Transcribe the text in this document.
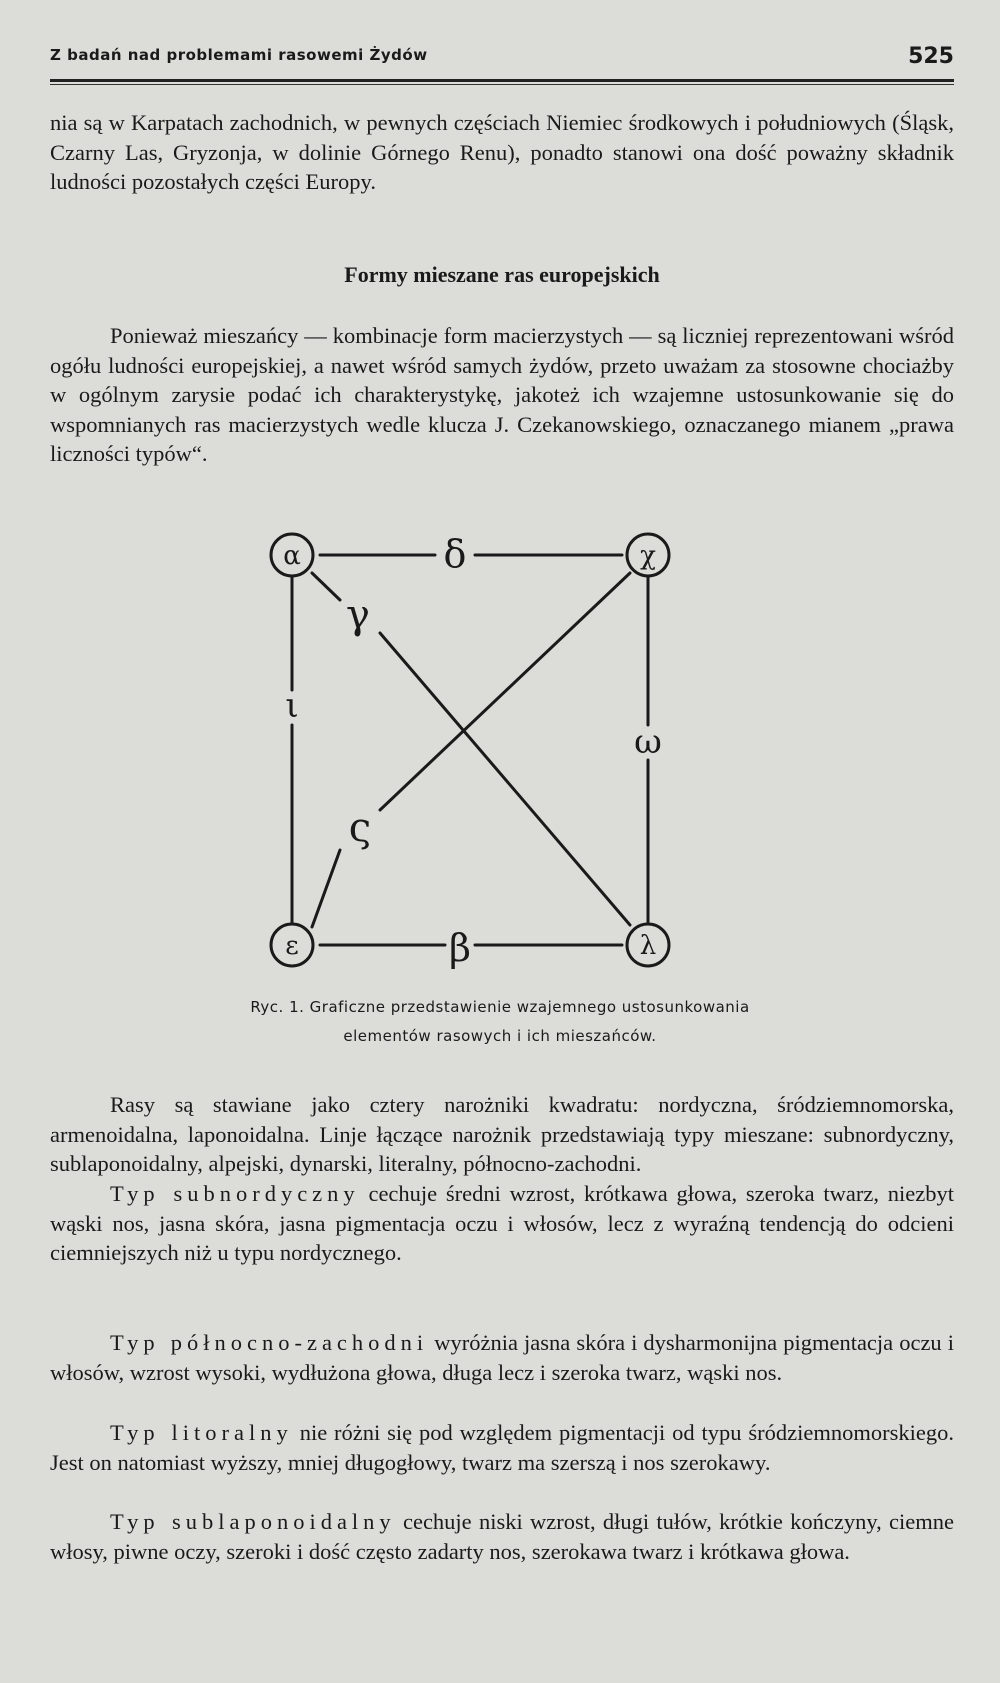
Z badań nad problemami rasowemi Żydów	525

nia są w Karpatach zachodnich, w pewnych częściach Niemiec środkowych i południowych (Śląsk, Czarny Las, Gryzonja, w dolinie Górnego Renu), ponadto stanowi ona dość poważny składnik ludności pozostałych części Europy.

Formy mieszane ras europejskich

Ponieważ mieszańcy — kombinacje form macierzystych — są liczniej reprezentowani wśród ogółu ludności europejskiej, a nawet wśród samych żydów, przeto uważam za stosowne chociażby w ogólnym zarysie podać ich charakterystykę, jakoteż ich wzajemne ustosunkowanie się do wspomnianych ras macierzystych wedle klucza J. Czekanowskiego, oznaczanego mianem „prawa liczności typów“.

α	χ
ε	λ
δ
β
ι
ω
γ
ς
Ryc. 1. Graficzne przedstawienie wzajemnego ustosunkowania
elementów rasowych i ich mieszańców.

Rasy są stawiane jako cztery narożniki kwadratu: nordyczna, śródziemnomorska, armenoidalna, laponoidalna. Linje łączące narożnik przedstawiają typy mieszane: subnordyczny, sublaponoidalny, alpejski, dynarski, literalny, północno-zachodni.

Typ subnordyczny cechuje średni wzrost, krótkawa głowa, szeroka twarz, niezbyt wąski nos, jasna skóra, jasna pigmentacja oczu i włosów, lecz z wyraźną tendencją do odcieni ciemniejszych niż u typu nordycznego.

Typ północno-zachodni wyróżnia jasna skóra i dysharmonijna pigmentacja oczu i włosów, wzrost wysoki, wydłużona głowa, długa lecz i szeroka twarz, wąski nos.

Typ litoralny nie różni się pod względem pigmentacji od typu śródziemnomorskiego. Jest on natomiast wyższy, mniej długogłowy, twarz ma szerszą i nos szerokawy.

Typ sublaponoidalny cechuje niski wzrost, długi tułów, krótkie kończyny, ciemne włosy, piwne oczy, szeroki i dość często zadarty nos, szerokawa twarz i krótkawa głowa.
